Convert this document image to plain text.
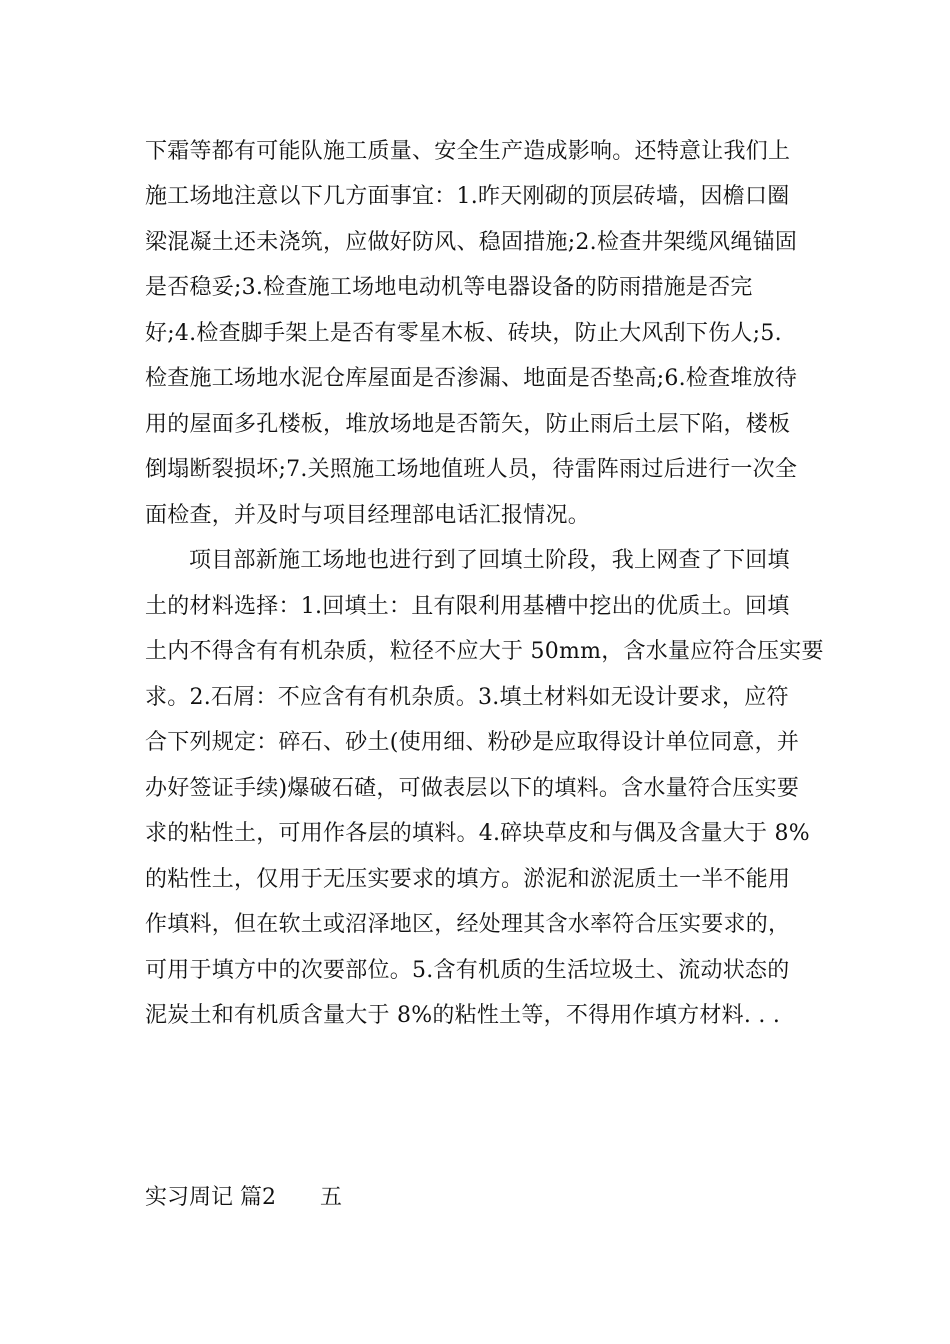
下霜等都有可能队施工质量、安全生产造成影响。还特意让我们上
施工场地注意以下几方面事宜：1.昨天刚砌的顶层砖墙，因檐口圈
梁混凝土还未浇筑，应做好防风、稳固措施;2.检查井架缆风绳锚固
是否稳妥;3.检查施工场地电动机等电器设备的防雨措施是否完
好;4.检查脚手架上是否有零星木板、砖块，防止大风刮下伤人;5.
检查施工场地水泥仓库屋面是否渗漏、地面是否垫高;6.检查堆放待
用的屋面多孔楼板，堆放场地是否箭矢，防止雨后土层下陷，楼板
倒塌断裂损坏;7.关照施工场地值班人员，待雷阵雨过后进行一次全
面检查，并及时与项目经理部电话汇报情况。
项目部新施工场地也进行到了回填土阶段，我上网查了下回填
土的材料选择：1.回填土：且有限利用基槽中挖出的优质土。回填
土内不得含有有机杂质，粒径不应大于 50mm，含水量应符合压实要
求。2.石屑：不应含有有机杂质。3.填土材料如无设计要求，应符
合下列规定：碎石、砂土(使用细、粉砂是应取得设计单位同意，并
办好签证手续)爆破石碴，可做表层以下的填料。含水量符合压实要
求的粘性土，可用作各层的填料。4.碎块草皮和与偶及含量大于 8%
的粘性土，仅用于无压实要求的填方。淤泥和淤泥质土一半不能用
作填料，但在软土或沼泽地区，经处理其含水率符合压实要求的，
可用于填方中的次要部位。5.含有机质的生活垃圾土、流动状态的
泥炭土和有机质含量大于 8%的粘性土等，不得用作填方材料. . .
实习周记 篇2 五
